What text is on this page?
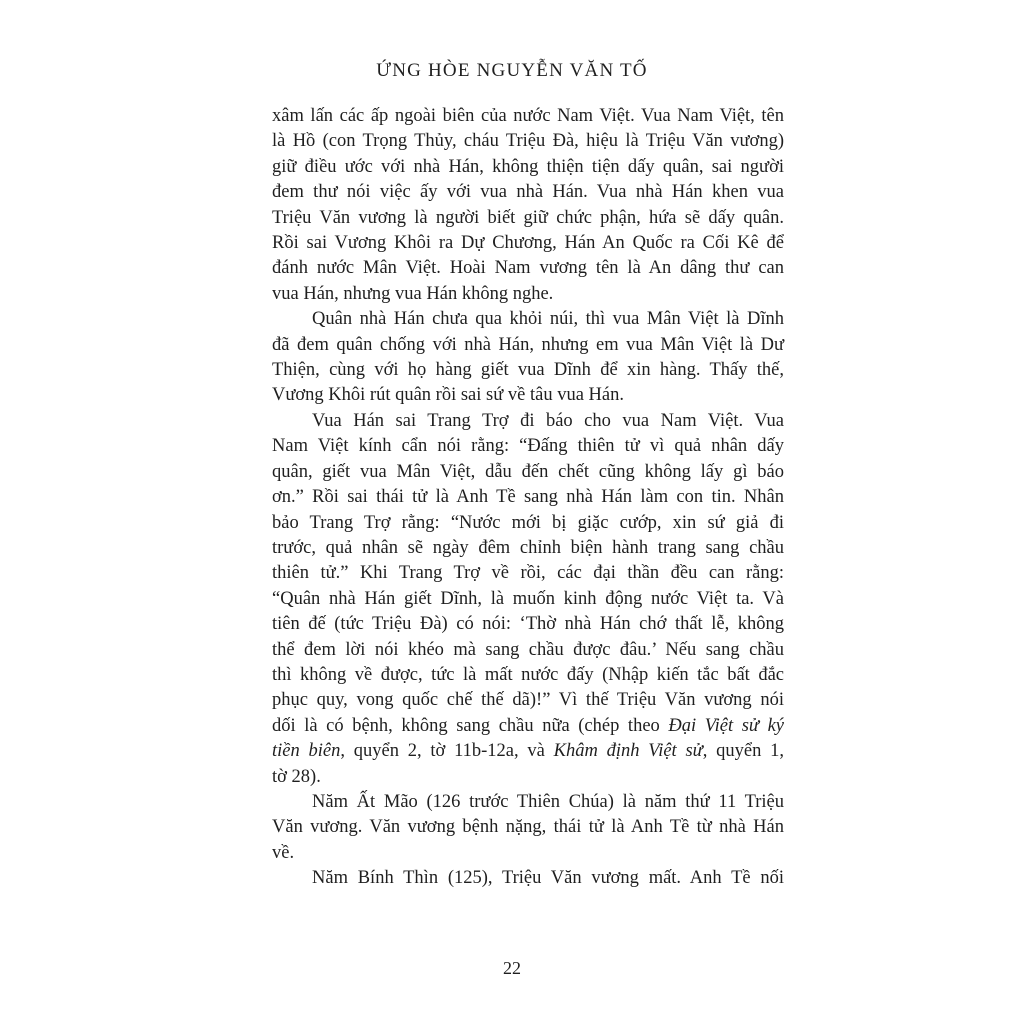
ỨNG HÒE NGUYỄN VĂN TỐ
xâm lấn các ấp ngoài biên của nước Nam Việt. Vua Nam Việt, tên
là Hồ (con Trọng Thủy, cháu Triệu Đà, hiệu là Triệu Văn vương)
giữ điều ước với nhà Hán, không thiện tiện dấy quân, sai người
đem thư nói việc ấy với vua nhà Hán. Vua nhà Hán khen vua
Triệu Văn vương là người biết giữ chức phận, hứa sẽ dấy quân.
Rồi sai Vương Khôi ra Dự Chương, Hán An Quốc ra Cối Kê để
đánh nước Mân Việt. Hoài Nam vương tên là An dâng thư can
vua Hán, nhưng vua Hán không nghe.
Quân nhà Hán chưa qua khỏi núi, thì vua Mân Việt là Dĩnh
đã đem quân chống với nhà Hán, nhưng em vua Mân Việt là Dư
Thiện, cùng với họ hàng giết vua Dĩnh để xin hàng. Thấy thế,
Vương Khôi rút quân rồi sai sứ về tâu vua Hán.
Vua Hán sai Trang Trợ đi báo cho vua Nam Việt. Vua
Nam Việt kính cẩn nói rằng: “Đấng thiên tử vì quả nhân dấy
quân, giết vua Mân Việt, dẫu đến chết cũng không lấy gì báo
ơn.” Rồi sai thái tử là Anh Tề sang nhà Hán làm con tin. Nhân
bảo Trang Trợ rằng: “Nước mới bị giặc cướp, xin sứ giả đi
trước, quả nhân sẽ ngày đêm chỉnh biện hành trang sang chầu
thiên tử.” Khi Trang Trợ về rồi, các đại thần đều can rằng:
“Quân nhà Hán giết Dĩnh, là muốn kinh động nước Việt ta. Và
tiên đế (tức Triệu Đà) có nói: ‘Thờ nhà Hán chớ thất lễ, không
thể đem lời nói khéo mà sang chầu được đâu.’ Nếu sang chầu
thì không về được, tức là mất nước đấy (Nhập kiến tắc bất đắc
phục quy, vong quốc chế thế dã)!” Vì thế Triệu Văn vương nói
dối là có bệnh, không sang chầu nữa (chép theo Đại Việt sử ký
tiền biên, quyển 2, tờ 11b-12a, và Khâm định Việt sử, quyển 1,
tờ 28).
Năm Ất Mão (126 trước Thiên Chúa) là năm thứ 11 Triệu
Văn vương. Văn vương bệnh nặng, thái tử là Anh Tề từ nhà Hán
về.
Năm Bính Thìn (125), Triệu Văn vương mất. Anh Tề nối
22
